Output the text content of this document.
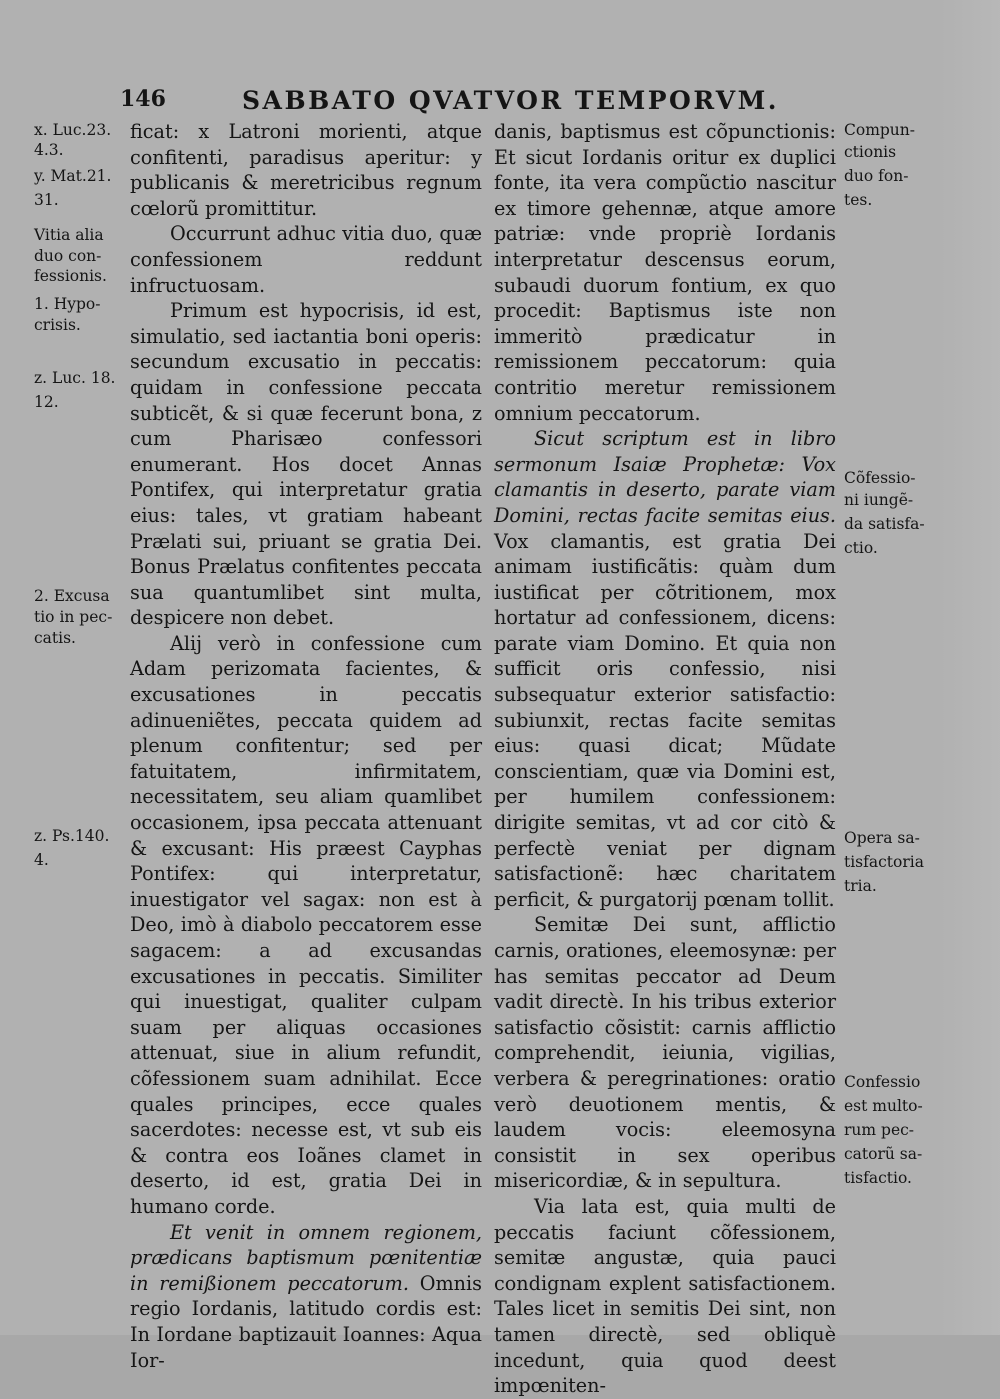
146	SABBATO QVATVOR TEMPORVM.
x. Luc.23.
4.3.
y. Mat.21.
31.
Vitia alia
duo con-
fessionis.
1. Hypo-
crisis.
z. Luc. 18.
12.
2. Excusa
tio in pec-
catis.
z. Ps.140.
4.

ficat: x Latroni morienti, atque confitenti, paradisus aperitur: y publicanis & meretricibus regnum cœlorũ promittitur.

Occurrunt adhuc vitia duo, quæ confessionem reddunt infructuosam.

Primum est hypocrisis, id est, simulatio, sed iactantia boni operis: secundum excusatio in peccatis: quidam in confessione peccata subticẽt, & si quæ fecerunt bona, z cum Pharisæo confessori enumerant. Hos docet Annas Pontifex, qui interpretatur gratia eius: tales, vt gratiam habeant Prælati sui, priuant se gratia Dei. Bonus Prælatus confitentes peccata sua quantumlibet sint multa, despicere non debet.

Alij verò in confessione cum Adam perizomata facientes, & excusationes in peccatis adinueniẽtes, peccata quidem ad plenum confitentur; sed per fatuitatem, infirmitatem, necessitatem, seu aliam quamlibet occasionem, ipsa peccata attenuant & excusant: His præest Cayphas Pontifex: qui interpretatur, inuestigator vel sagax: non est à Deo, imò à diabolo peccatorem esse sagacem: a ad excusandas excusationes in peccatis. Similiter qui inuestigat, qualiter culpam suam per aliquas occasiones attenuat, siue in alium refundit, cõfessionem suam adnihilat. Ecce quales principes, ecce quales sacerdotes: necesse est, vt sub eis & contra eos Ioãnes clamet in deserto, id est, gratia Dei in humano corde.

Et venit in omnem regionem, prædicans baptismum pœnitentiæ in remißionem peccatorum. Omnis regio Iordanis, latitudo cordis est: In Iordane baptizauit Ioannes: Aqua Ior-

danis, baptismus est cõpunctionis: Et sicut Iordanis oritur ex duplici fonte, ita vera compũctio nascitur ex timore gehennæ, atque amore patriæ: vnde propriè Iordanis interpretatur descensus eorum, subaudi duorum fontium, ex quo procedit: Baptismus iste non immeritò prædicatur in remissionem peccatorum: quia contritio meretur remissionem omnium peccatorum.

Sicut scriptum est in libro sermonum Isaiæ Prophetæ: Vox clamantis in deserto, parate viam Domini, rectas facite semitas eius. Vox clamantis, est gratia Dei animam iustificãtis: quàm dum iustificat per cõtritionem, mox hortatur ad confessionem, dicens: parate viam Domino. Et quia non sufficit oris confessio, nisi subsequatur exterior satisfactio: subiunxit, rectas facite semitas eius: quasi dicat; Mũdate conscientiam, quæ via Domini est, per humilem confessionem: dirigite semitas, vt ad cor citò & perfectè veniat per dignam satisfactionẽ: hæc charitatem perficit, & purgatorij pœnam tollit.

Semitæ Dei sunt, afflictio carnis, orationes, eleemosynæ: per has semitas peccator ad Deum vadit directè. In his tribus exterior satisfactio cõsistit: carnis afflictio comprehendit, ieiunia, vigilias, verbera & peregrinationes: oratio verò deuotionem mentis, & laudem vocis: eleemosyna consistit in sex operibus misericordiæ, & in sepultura.

Via lata est, quia multi de peccatis faciunt cõfessionem, semitæ angustæ, quia pauci condignam explent satisfactionem. Tales licet in semitis Dei sint, non tamen directè, sed obliquè incedunt, quia quod deest impœniten-

Compun-
ctionis
duo fon-
tes.
Cõfessio-
ni iungẽ-
da satisfa-
ctio.
Opera sa-
tisfactoria
tria.
Confessio
est multo-
rum pec-
catorũ sa-
tisfactio.
